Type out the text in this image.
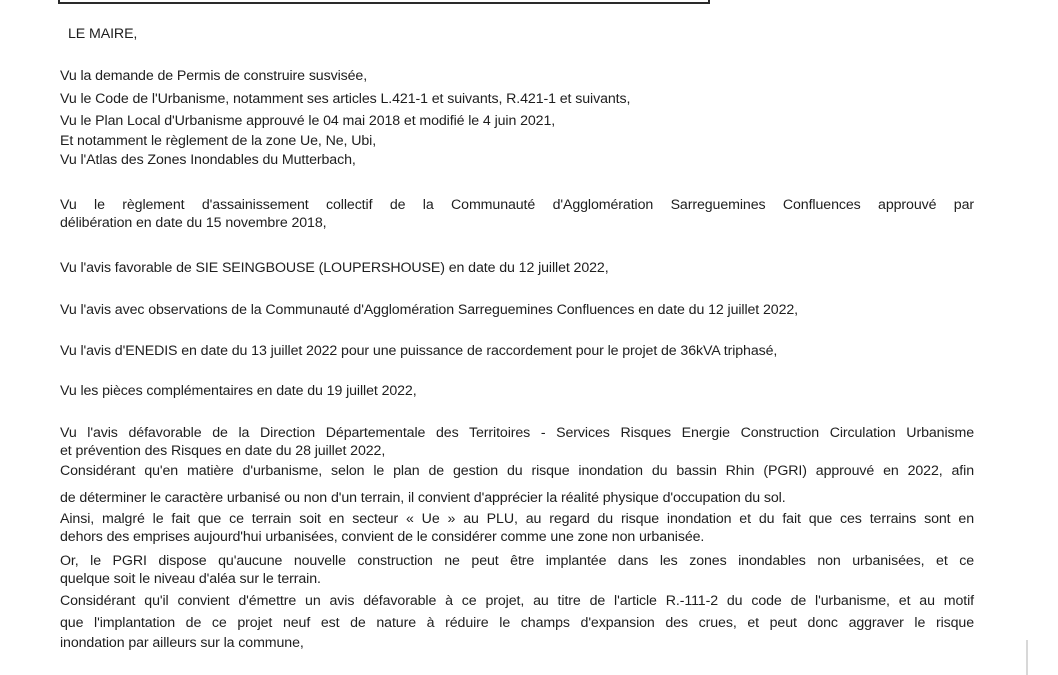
LE MAIRE,
Vu la demande de Permis de construire susvisée,
Vu le Code de l'Urbanisme, notamment ses articles L.421-1 et suivants, R.421-1 et suivants,
Vu le Plan Local d'Urbanisme approuvé le 04 mai 2018 et modifié le 4 juin 2021,
Et notamment le règlement de la zone Ue, Ne, Ubi,
Vu l'Atlas des Zones Inondables du Mutterbach,
Vu le règlement d'assainissement collectif de la Communauté d'Agglomération Sarreguemines Confluences approuvé par
délibération en date du 15 novembre 2018,
Vu l'avis favorable de SIE SEINGBOUSE (LOUPERSHOUSE) en date du 12 juillet 2022,
Vu l'avis avec observations de la Communauté d'Agglomération Sarreguemines Confluences en date du 12 juillet 2022,
Vu l'avis d'ENEDIS en date du 13 juillet 2022 pour une puissance de raccordement pour le projet de 36kVA triphasé,
Vu les pièces complémentaires en date du 19 juillet 2022,
Vu l'avis défavorable de la Direction Départementale des Territoires - Services Risques Energie Construction Circulation Urbanisme
et prévention des Risques en date du 28 juillet 2022,
Considérant qu'en matière d'urbanisme, selon le plan de gestion du risque inondation du bassin Rhin (PGRI) approuvé en 2022, afin
de déterminer le caractère urbanisé ou non d'un terrain, il convient d'apprécier la réalité physique d'occupation du sol.
Ainsi, malgré le fait que ce terrain soit en secteur « Ue » au PLU, au regard du risque inondation et du fait que ces terrains sont en
dehors des emprises aujourd'hui urbanisées, convient de le considérer comme une zone non urbanisée.
Or, le PGRI dispose qu'aucune nouvelle construction ne peut être implantée dans les zones inondables non urbanisées, et ce
quelque soit le niveau d'aléa sur le terrain.
Considérant qu'il convient d'émettre un avis défavorable à ce projet, au titre de l'article R.-111-2 du code de l'urbanisme, et au motif
que l'implantation de ce projet neuf est de nature à réduire le champs d'expansion des crues, et peut donc aggraver le risque
inondation par ailleurs sur la commune,
